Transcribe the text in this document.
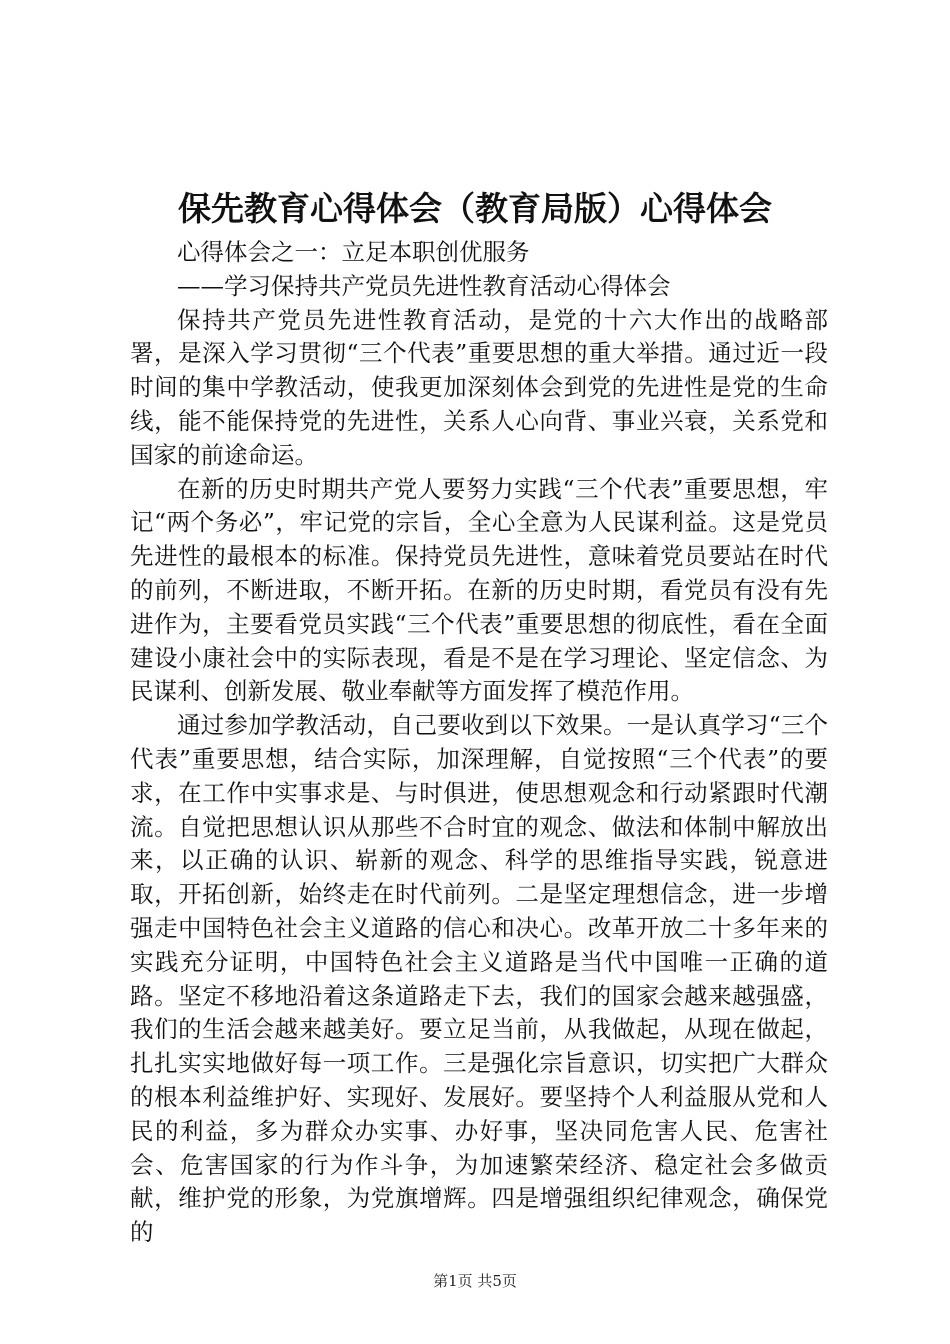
保先教育心得体会（教育局版）心得体会

心得体会之一：立足本职创优服务

——学习保持共产党员先进性教育活动心得体会

保持共产党员先进性教育活动，是党的十六大作出的战略部署，是深入学习贯彻“三个代表”重要思想的重大举措。通过近一段时间的集中学教活动，使我更加深刻体会到党的先进性是党的生命线，能不能保持党的先进性，关系人心向背、事业兴衰，关系党和国家的前途命运。

在新的历史时期共产党人要努力实践“三个代表”重要思想，牢记“两个务必”，牢记党的宗旨，全心全意为人民谋利益。这是党员先进性的最根本的标准。保持党员先进性，意味着党员要站在时代的前列，不断进取，不断开拓。在新的历史时期，看党员有没有先进作为，主要看党员实践“三个代表”重要思想的彻底性，看在全面建设小康社会中的实际表现，看是不是在学习理论、坚定信念、为民谋利、创新发展、敬业奉献等方面发挥了模范作用。

通过参加学教活动，自己要收到以下效果。一是认真学习“三个代表”重要思想，结合实际，加深理解，自觉按照“三个代表”的要求，在工作中实事求是、与时俱进，使思想观念和行动紧跟时代潮流。自觉把思想认识从那些不合时宜的观念、做法和体制中解放出来，以正确的认识、崭新的观念、科学的思维指导实践，锐意进取，开拓创新，始终走在时代前列。二是坚定理想信念，进一步增强走中国特色社会主义道路的信心和决心。改革开放二十多年来的实践充分证明，中国特色社会主义道路是当代中国唯一正确的道路。坚定不移地沿着这条道路走下去，我们的国家会越来越强盛，我们的生活会越来越美好。要立足当前，从我做起，从现在做起，扎扎实实地做好每一项工作。三是强化宗旨意识，切实把广大群众的根本利益维护好、实现好、发展好。要坚持个人利益服从党和人民的利益，多为群众办实事、办好事，坚决同危害人民、危害社会、危害国家的行为作斗争，为加速繁荣经济、稳定社会多做贡献，维护党的形象，为党旗增辉。四是增强组织纪律观念，确保党的

第1页 共5页
